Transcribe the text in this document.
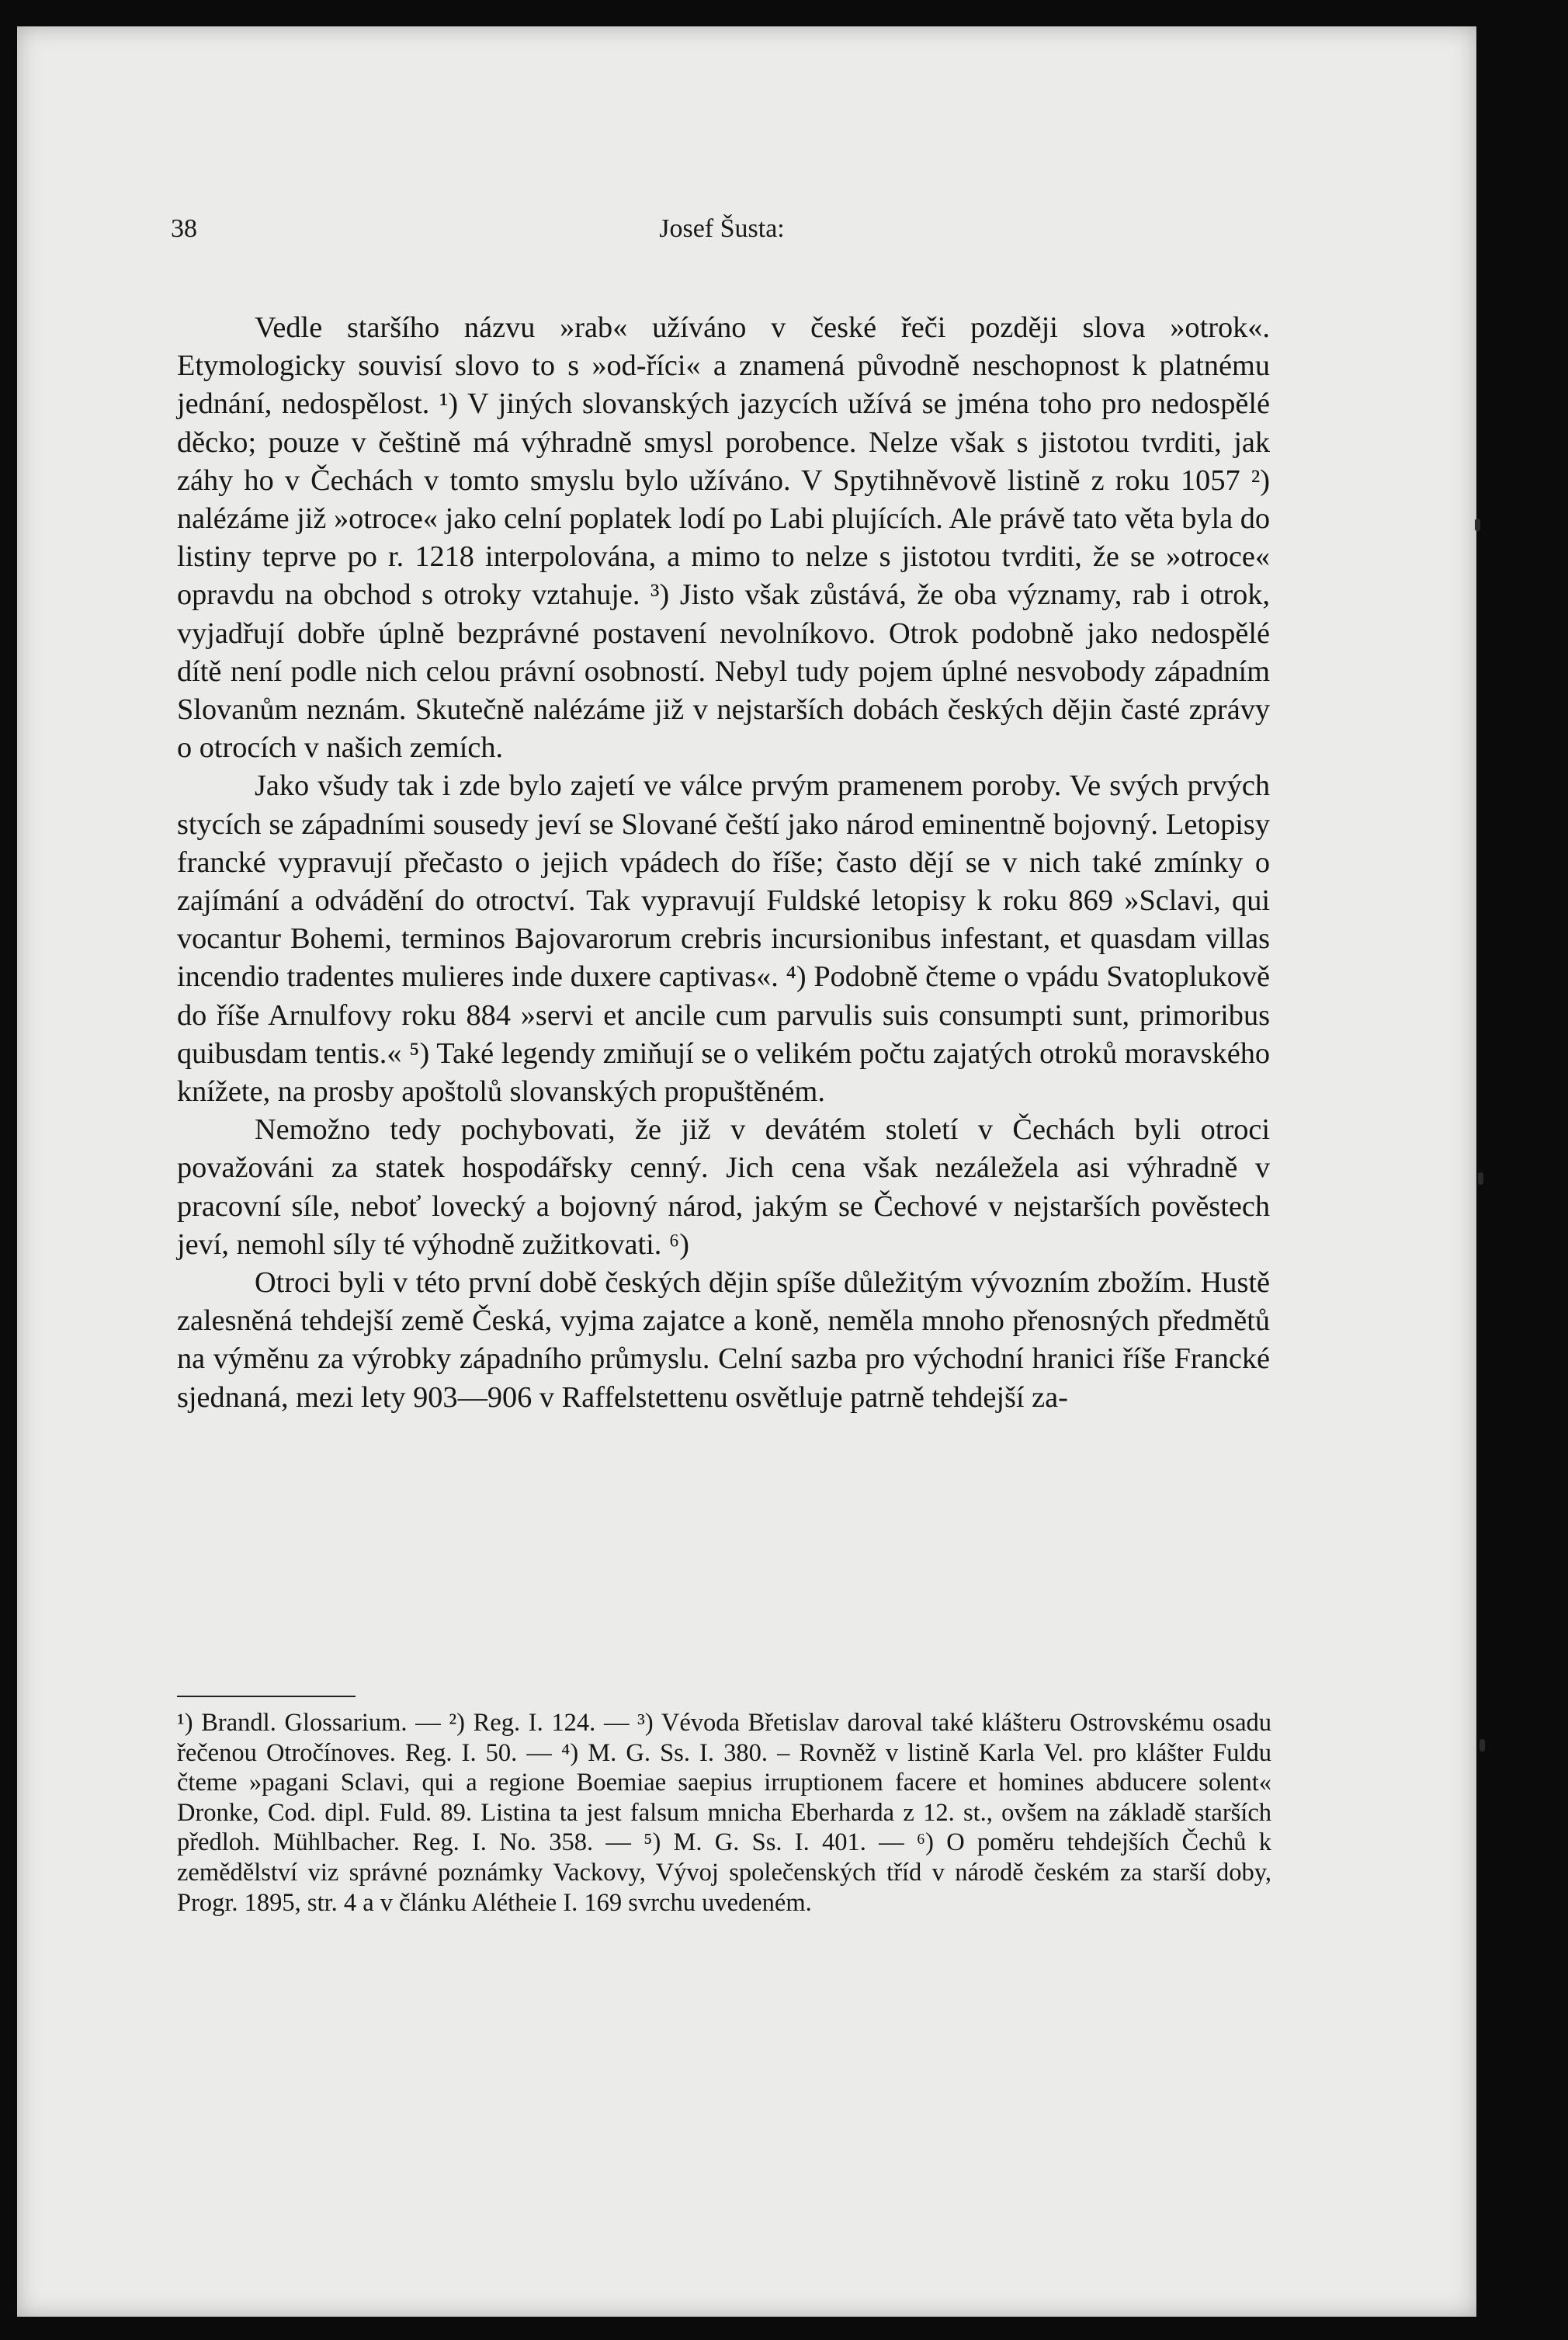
38	Josef Šusta:

Vedle staršího názvu »rab« užíváno v české řeči později slova »otrok«. Etymologicky souvisí slovo to s »od-říci« a znamená původně neschopnost k platnému jednání, nedospělost. ¹) V jiných slovanských jazycích užívá se jména toho pro nedospělé děcko; pouze v češtině má výhradně smysl porobence. Nelze však s jistotou tvrditi, jak záhy ho v Čechách v tomto smyslu bylo užíváno. V Spytihněvově listině z roku 1057 ²) nalézáme již »otroce« jako celní poplatek lodí po Labi plujících. Ale právě tato věta byla do listiny teprve po r. 1218 interpolována, a mimo to nelze s jistotou tvrditi, že se »otroce« opravdu na obchod s otroky vztahuje. ³) Jisto však zůstává, že oba významy, rab i otrok, vyjadřují dobře úplně bezprávné postavení nevolníkovo. Otrok podobně jako nedospělé dítě není podle nich celou právní osobností. Nebyl tudy pojem úplné nesvobody západním Slovanům neznám. Skutečně nalézáme již v nejstarších dobách českých dějin časté zprávy o otrocích v našich zemích.

Jako všudy tak i zde bylo zajetí ve válce prvým pramenem poroby. Ve svých prvých stycích se západními sousedy jeví se Slované čeští jako národ eminentně bojovný. Letopisy francké vypravují přečasto o jejich vpádech do říše; často dějí se v nich také zmínky o zajímání a odvádění do otroctví. Tak vypravují Fuldské letopisy k roku 869 »Sclavi, qui vocantur Bohemi, terminos Bajovarorum crebris incursionibus infestant, et quasdam villas incendio tradentes mulieres inde duxere captivas«. ⁴) Podobně čteme o vpádu Svatoplukově do říše Arnulfovy roku 884 »servi et ancile cum parvulis suis consumpti sunt, primoribus quibusdam tentis.« ⁵) Také legendy zmiňují se o velikém počtu zajatých otroků moravského knížete, na prosby apoštolů slovanských propuštěném.

Nemožno tedy pochybovati, že již v devátém století v Čechách byli otroci považováni za statek hospodářsky cenný. Jich cena však nezáležela asi výhradně v pracovní síle, neboť lovecký a bojovný národ, jakým se Čechové v nejstarších pověstech jeví, nemohl síly té výhodně zužitkovati. ⁶)

Otroci byli v této první době českých dějin spíše důležitým vývozním zbožím. Hustě zalesněná tehdejší země Česká, vyjma zajatce a koně, neměla mnoho přenosných předmětů na výměnu za výrobky západního průmyslu. Celní sazba pro východní hranici říše Francké sjednaná, mezi lety 903—906 v Raffelstettenu osvětluje patrně tehdejší za-

¹) Brandl. Glossarium. — ²) Reg. I. 124. — ³) Vévoda Břetislav daroval také klášteru Ostrovskému osadu řečenou Otročínoves. Reg. I. 50. — ⁴) M. G. Ss. I. 380. – Rovněž v listině Karla Vel. pro klášter Fuldu čteme »pagani Sclavi, qui a regione Boemiae saepius irruptionem facere et homines abducere solent« Dronke, Cod. dipl. Fuld. 89. Listina ta jest falsum mnicha Eberharda z 12. st., ovšem na základě starších předloh. Mühlbacher. Reg. I. No. 358. — ⁵) M. G. Ss. I. 401. — ⁶) O poměru tehdejších Čechů k zemědělství viz správné poznámky Vackovy, Vývoj společenských tříd v národě českém za starší doby, Progr. 1895, str. 4 a v článku Alétheie I. 169 svrchu uvedeném.
